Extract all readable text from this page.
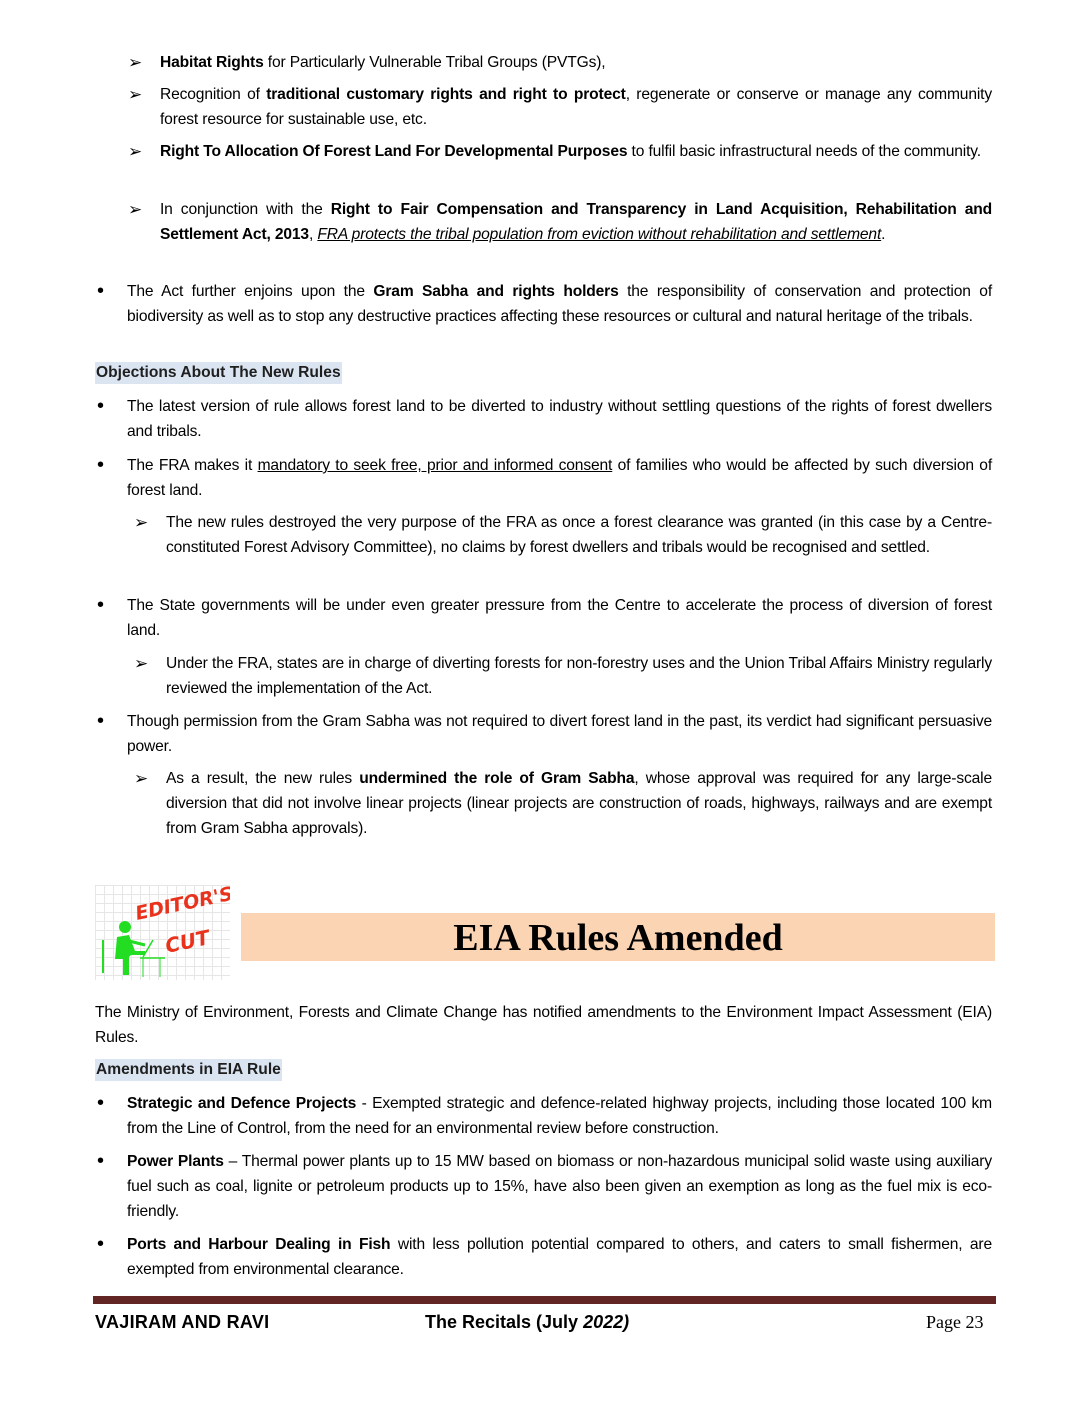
➢ Habitat Rights for Particularly Vulnerable Tribal Groups (PVTGs),
➢ Recognition of traditional customary rights and right to protect, regenerate or conserve or manage any community forest resource for sustainable use, etc.
➢ Right To Allocation Of Forest Land For Developmental Purposes to fulfil basic infrastructural needs of the community.
➢ In conjunction with the Right to Fair Compensation and Transparency in Land Acquisition, Rehabilitation and Settlement Act, 2013, FRA protects the tribal population from eviction without rehabilitation and settlement.
• The Act further enjoins upon the Gram Sabha and rights holders the responsibility of conservation and protection of biodiversity as well as to stop any destructive practices affecting these resources or cultural and natural heritage of the tribals.
Objections About The New Rules
• The latest version of rule allows forest land to be diverted to industry without settling questions of the rights of forest dwellers and tribals.
• The FRA makes it mandatory to seek free, prior and informed consent of families who would be affected by such diversion of forest land.
➢ The new rules destroyed the very purpose of the FRA as once a forest clearance was granted (in this case by a Centre-constituted Forest Advisory Committee), no claims by forest dwellers and tribals would be recognised and settled.
• The State governments will be under even greater pressure from the Centre to accelerate the process of diversion of forest land.
➢ Under the FRA, states are in charge of diverting forests for non-forestry uses and the Union Tribal Affairs Ministry regularly reviewed the implementation of the Act.
• Though permission from the Gram Sabha was not required to divert forest land in the past, its verdict had significant persuasive power.
➢ As a result, the new rules undermined the role of Gram Sabha, whose approval was required for any large-scale diversion that did not involve linear projects (linear projects are construction of roads, highways, railways and are exempt from Gram Sabha approvals).
EDITOR'S
CUT	EIA Rules Amended
The Ministry of Environment, Forests and Climate Change has notified amendments to the Environment Impact Assessment (EIA) Rules.
Amendments in EIA Rule
• Strategic and Defence Projects - Exempted strategic and defence-related highway projects, including those located 100 km from the Line of Control, from the need for an environmental review before construction.
• Power Plants – Thermal power plants up to 15 MW based on biomass or non-hazardous municipal solid waste using auxiliary fuel such as coal, lignite or petroleum products up to 15%, have also been given an exemption as long as the fuel mix is eco-friendly.
• Ports and Harbour Dealing in Fish with less pollution potential compared to others, and caters to small fishermen, are exempted from environmental clearance.
VAJIRAM AND RAVI	The Recitals (July 2022)	Page 23
